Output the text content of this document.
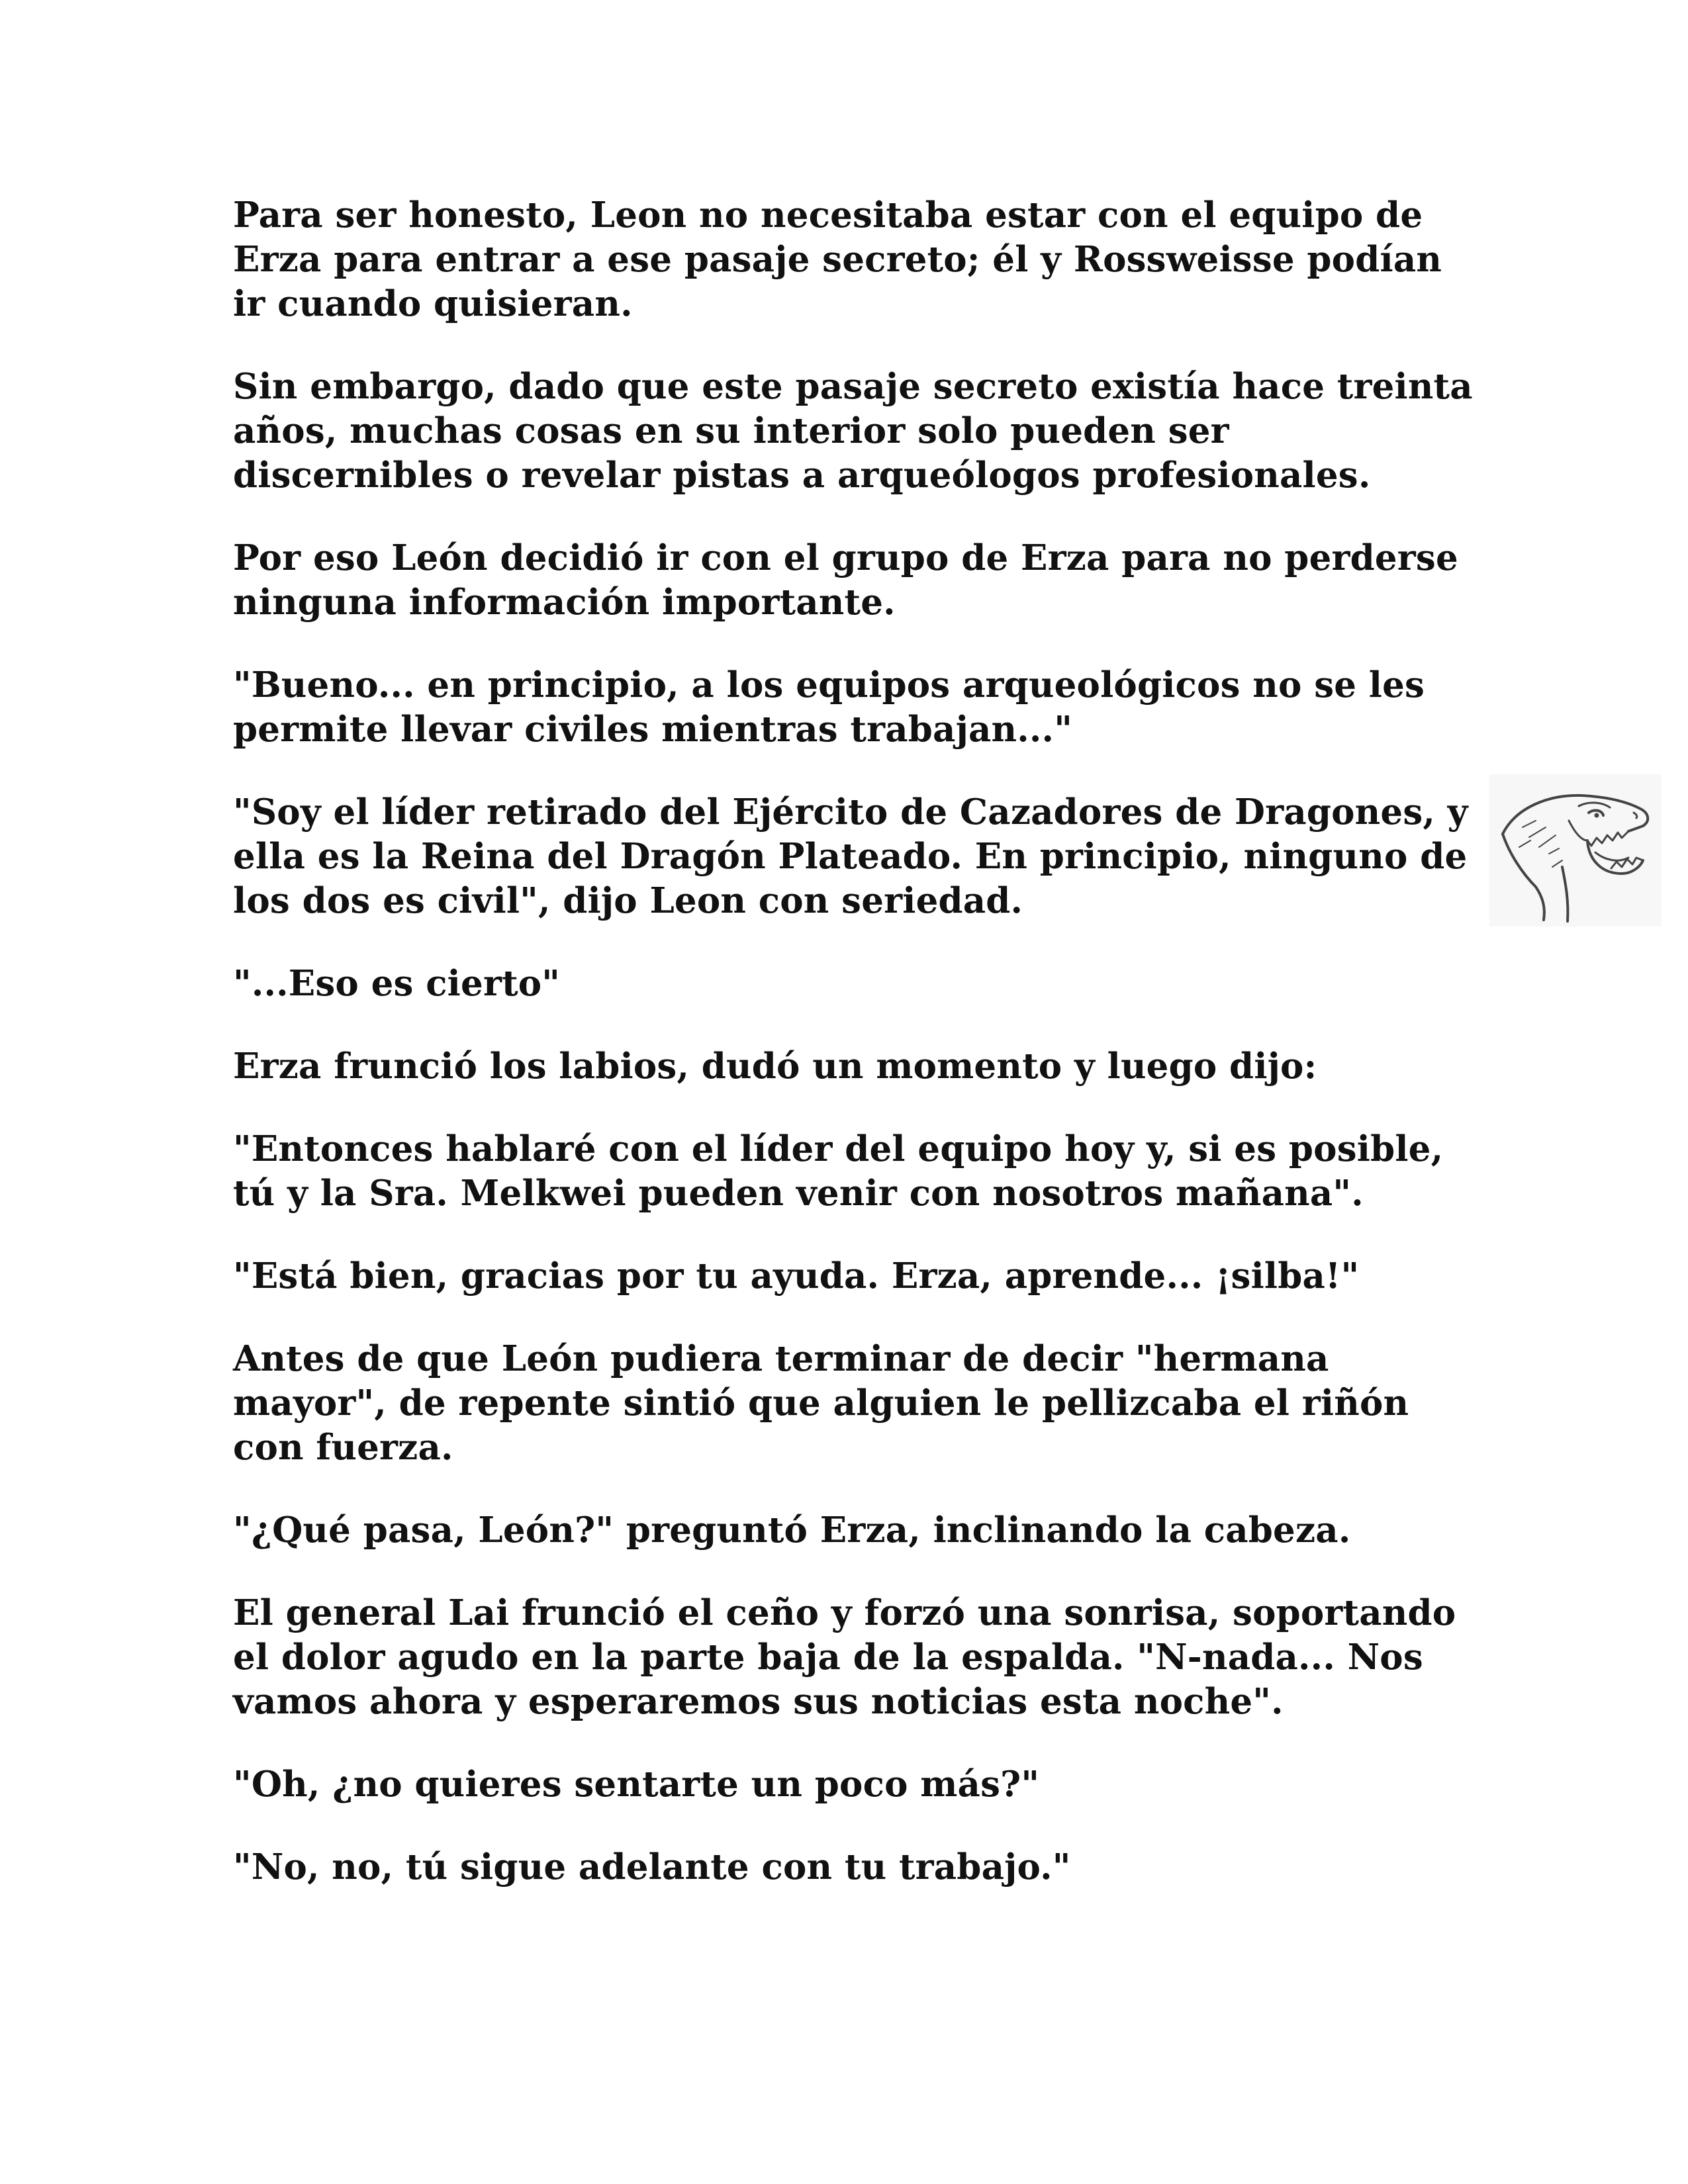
Para ser honesto, Leon no necesitaba estar con el equipo de Erza para entrar a ese pasaje secreto; él y Rossweisse podían ir cuando quisieran.

Sin embargo, dado que este pasaje secreto existía hace treinta años, muchas cosas en su interior solo pueden ser discernibles o revelar pistas a arqueólogos profesionales.

Por eso León decidió ir con el grupo de Erza para no perderse ninguna información importante.

"Bueno... en principio, a los equipos arqueológicos no se les permite llevar civiles mientras trabajan..."

"Soy el líder retirado del Ejército de Cazadores de Dragones, y ella es la Reina del Dragón Plateado. En principio, ninguno de los dos es civil", dijo Leon con seriedad.

"...Eso es cierto"

Erza frunció los labios, dudó un momento y luego dijo:

"Entonces hablaré con el líder del equipo hoy y, si es posible, tú y la Sra. Melkwei pueden venir con nosotros mañana".

"Está bien, gracias por tu ayuda. Erza, aprende... ¡silba!"

Antes de que León pudiera terminar de decir "hermana mayor", de repente sintió que alguien le pellizcaba el riñón con fuerza.

"¿Qué pasa, León?" preguntó Erza, inclinando la cabeza.

El general Lai frunció el ceño y forzó una sonrisa, soportando el dolor agudo en la parte baja de la espalda. "N-nada... Nos vamos ahora y esperaremos sus noticias esta noche".

"Oh, ¿no quieres sentarte un poco más?"

"No, no, tú sigue adelante con tu trabajo."
